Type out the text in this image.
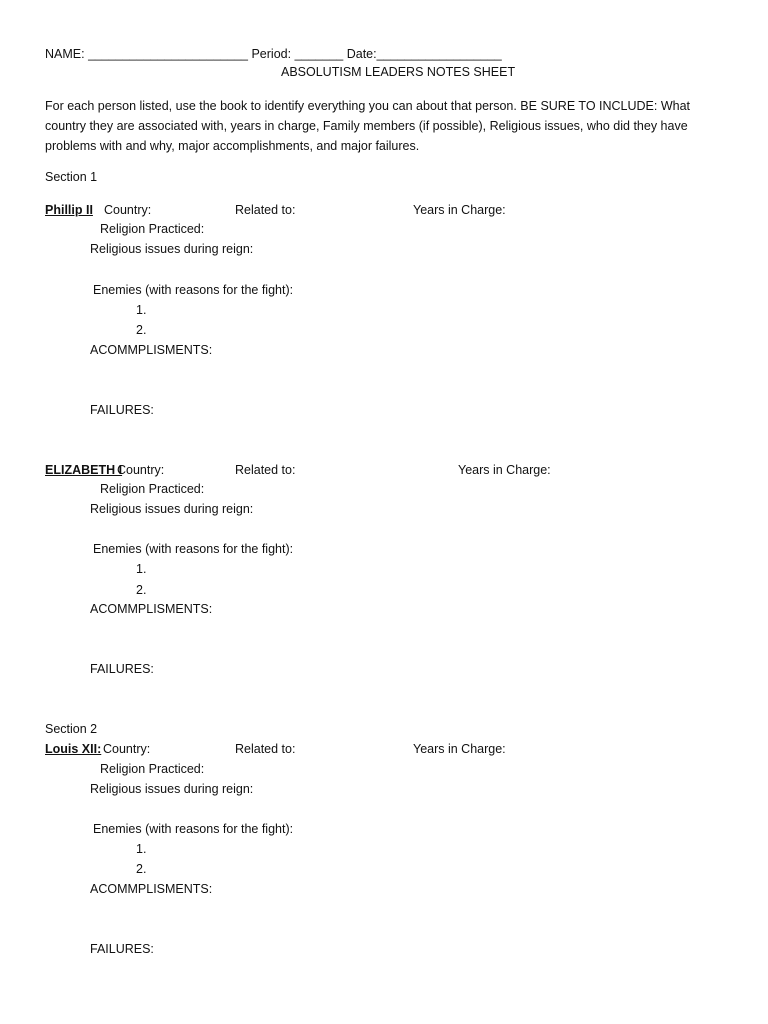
NAME: _______________________ Period: _______ Date:__________________
ABSOLUTISM LEADERS NOTES SHEET
For each person listed, use the book to identify everything you can about that person. BE SURE TO INCLUDE: What country they are associated with, years in charge, Family members (if possible), Religious issues, who did they have problems with and why, major accomplishments, and major failures.
Section 1
Phillip II Country:	Related to:	Years in Charge:
Religion Practiced:
Religious issues during reign:
Enemies (with reasons for the fight):
1.
2.
ACOMMPLISMENTS:
FAILURES:
ELIZABETH I
Country:	Related to:	Years in Charge:
Religion Practiced:
Religious issues during reign:
Enemies (with reasons for the fight):
1.
2.
ACOMMPLISMENTS:
FAILURES:
Section 2
Louis XII: Country:	Related to:	Years in Charge:
Religion Practiced:
Religious issues during reign:
Enemies (with reasons for the fight):
1.
2.
ACOMMPLISMENTS:
FAILURES:
